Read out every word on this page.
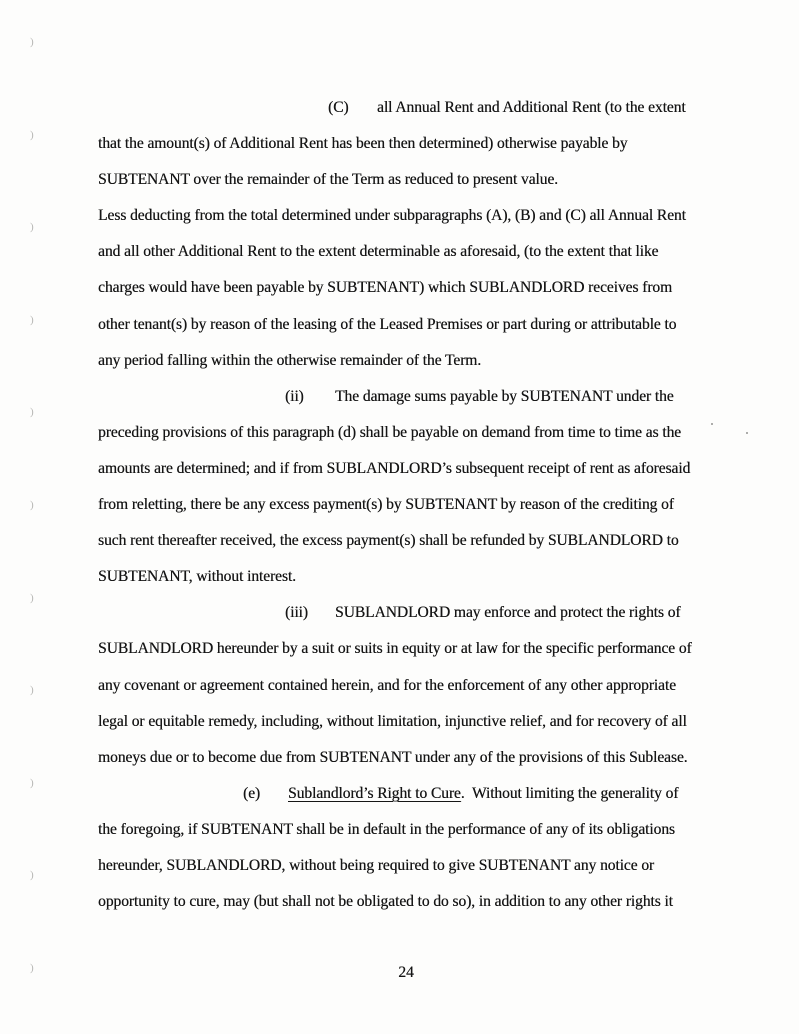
)
)
)
)
)
)
)
)
)
)
)
(C) all Annual Rent and Additional Rent (to the extent
that the amount(s) of Additional Rent has been then determined) otherwise payable by
SUBTENANT over the remainder of the Term as reduced to present value.
Less deducting from the total determined under subparagraphs (A), (B) and (C) all Annual Rent
and all other Additional Rent to the extent determinable as aforesaid, (to the extent that like
charges would have been payable by SUBTENANT) which SUBLANDLORD receives from
other tenant(s) by reason of the leasing of the Leased Premises or part during or attributable to
any period falling within the otherwise remainder of the Term.
(ii) The damage sums payable by SUBTENANT under the
preceding provisions of this paragraph (d) shall be payable on demand from time to time as the
amounts are determined; and if from SUBLANDLORD’s subsequent receipt of rent as aforesaid
from reletting, there be any excess payment(s) by SUBTENANT by reason of the crediting of
such rent thereafter received, the excess payment(s) shall be refunded by SUBLANDLORD to
SUBTENANT, without interest.
(iii) SUBLANDLORD may enforce and protect the rights of
SUBLANDLORD hereunder by a suit or suits in equity or at law for the specific performance of
any covenant or agreement contained herein, and for the enforcement of any other appropriate
legal or equitable remedy, including, without limitation, injunctive relief, and for recovery of all
moneys due or to become due from SUBTENANT under any of the provisions of this Sublease.
(e) Sublandlord’s Right to Cure.  Without limiting the generality of
the foregoing, if SUBTENANT shall be in default in the performance of any of its obligations
hereunder, SUBLANDLORD, without being required to give SUBTENANT any notice or
opportunity to cure, may (but shall not be obligated to do so), in addition to any other rights it
24
